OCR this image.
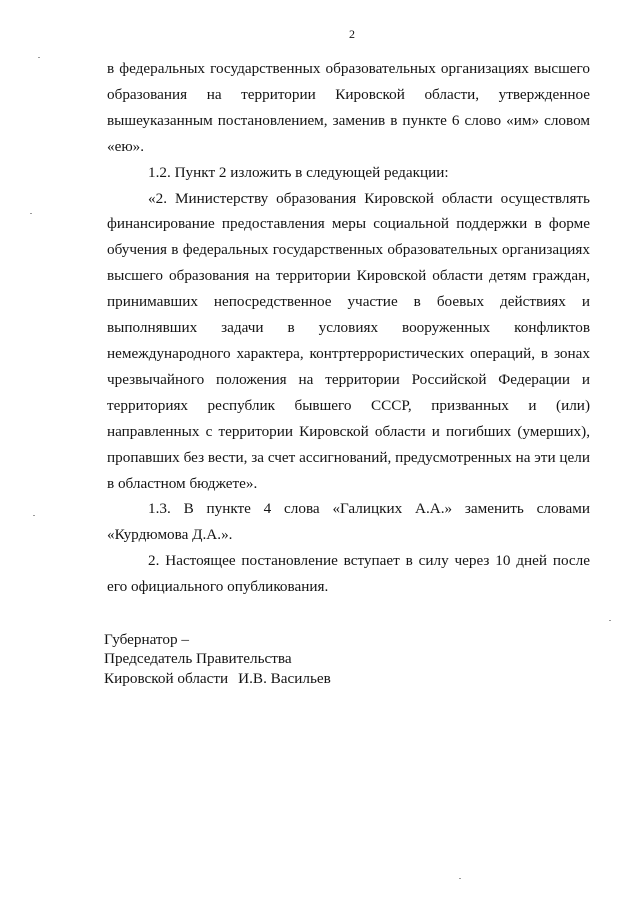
2

в федеральных государственных образовательных организациях высшего образования на территории Кировской области, утвержденное вышеуказанным постановлением, заменив в пункте 6 слово «им» словом «ею».

1.2. Пункт 2 изложить в следующей редакции:

«2. Министерству образования Кировской области осуществлять финансирование предоставления меры социальной поддержки в форме обучения в федеральных государственных образовательных организациях высшего образования на территории Кировской области детям граждан, принимавших непосредственное участие в боевых действиях и выполнявших задачи в условиях вооруженных конфликтов немеждународного характера, контртеррористических операций, в зонах чрезвычайного положения на территории Российской Федерации и территориях республик бывшего СССР, призванных и (или) направленных с территории Кировской области и погибших (умерших), пропавших без вести, за счет ассигнований, предусмотренных на эти цели в областном бюджете».

1.3. В пункте 4 слова «Галицких А.А.» заменить словами «Курдюмова Д.А.».

2. Настоящее постановление вступает в силу через 10 дней после его официального опубликования.

Губернатор –
Председатель Правительства
Кировской области И.В. Васильев
